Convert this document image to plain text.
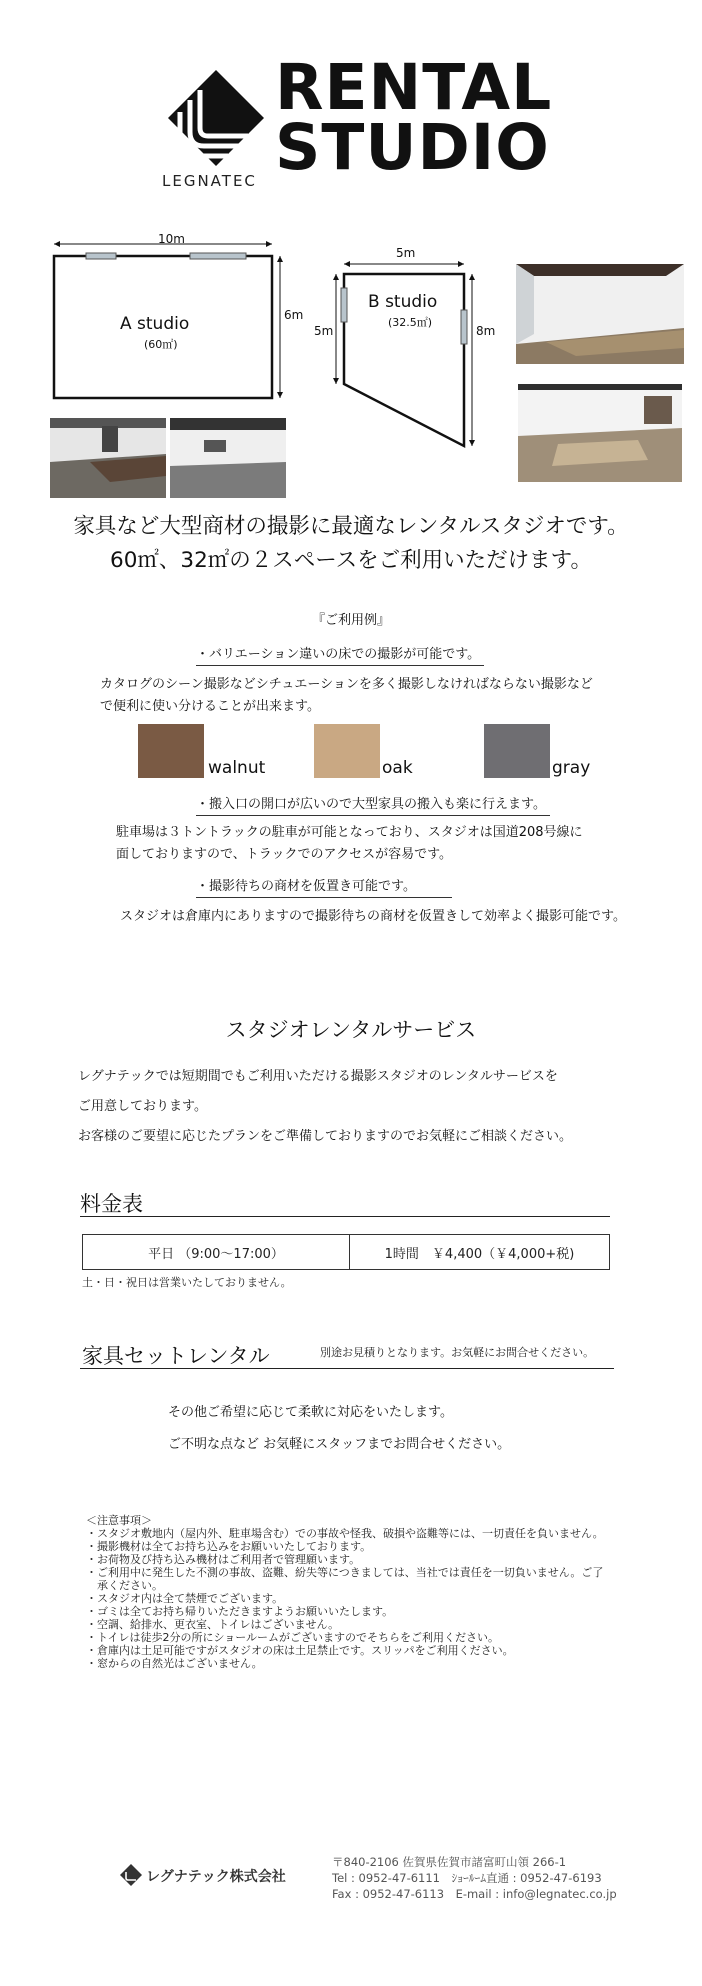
LEGNATEC
RENTAL
STUDIO
10m
6m
A studio
(60㎡)
5m
5m	8m
B studio
(32.5㎡)
家具など大型商材の撮影に最適なレンタルスタジオです。
60㎡、32㎡の２スペースをご利用いただけます。
『ご利用例』
・バリエーション違いの床での撮影が可能です。
カタログのシーン撮影などシチュエーションを多く撮影しなければならない撮影など
で便利に使い分けることが出来ます。
walnut	oak	gray
・搬入口の開口が広いので大型家具の搬入も楽に行えます。
駐車場は３トントラックの駐車が可能となっており、スタジオは国道208号線に
面しておりますので、トラックでのアクセスが容易です。
・撮影待ちの商材を仮置き可能です。
スタジオは倉庫内にありますので撮影待ちの商材を仮置きして効率よく撮影可能です。
スタジオレンタルサービス
レグナテックでは短期間でもご利用いただける撮影スタジオのレンタルサービスを
ご用意しております。
お客様のご要望に応じたプランをご準備しておりますのでお気軽にご相談ください。
料金表
平日 （9:00〜17:00）	1時間　￥4,400（￥4,000+税)
土・日・祝日は営業いたしておりません。
家具セットレンタル	別途お見積りとなります。お気軽にお問合せください。
その他ご希望に応じて柔軟に対応をいたします。
ご不明な点など お気軽にスタッフまでお問合せください。
＜注意事項＞
・スタジオ敷地内（屋内外、駐車場含む）での事故や怪我、破損や盗難等には、一切責任を負いません。
・撮影機材は全てお持ち込みをお願いいたしております。
・お荷物及び持ち込み機材はご利用者で管理願います。
・ご利用中に発生した不測の事故、盗難、紛失等につきましては、当社では責任を一切負いません。ご了
　承ください。
・スタジオ内は全て禁煙でございます。
・ゴミは全てお持ち帰りいただきますようお願いいたします。
・空調、給排水、更衣室、トイレはございません。
・トイレは徒歩2分の所にショールームがございますのでそちらをご利用ください。
・倉庫内は土足可能ですがスタジオの床は土足禁止です。スリッパをご利用ください。
・窓からの自然光はございません。
レグナテック株式会社
〒840-2106 佐賀県佐賀市諸富町山領 266-1
Tel : 0952-47-6111　ｼｮｰﾙｰﾑ直通 : 0952-47-6193
Fax : 0952-47-6113　E-mail : info@legnatec.co.jp
